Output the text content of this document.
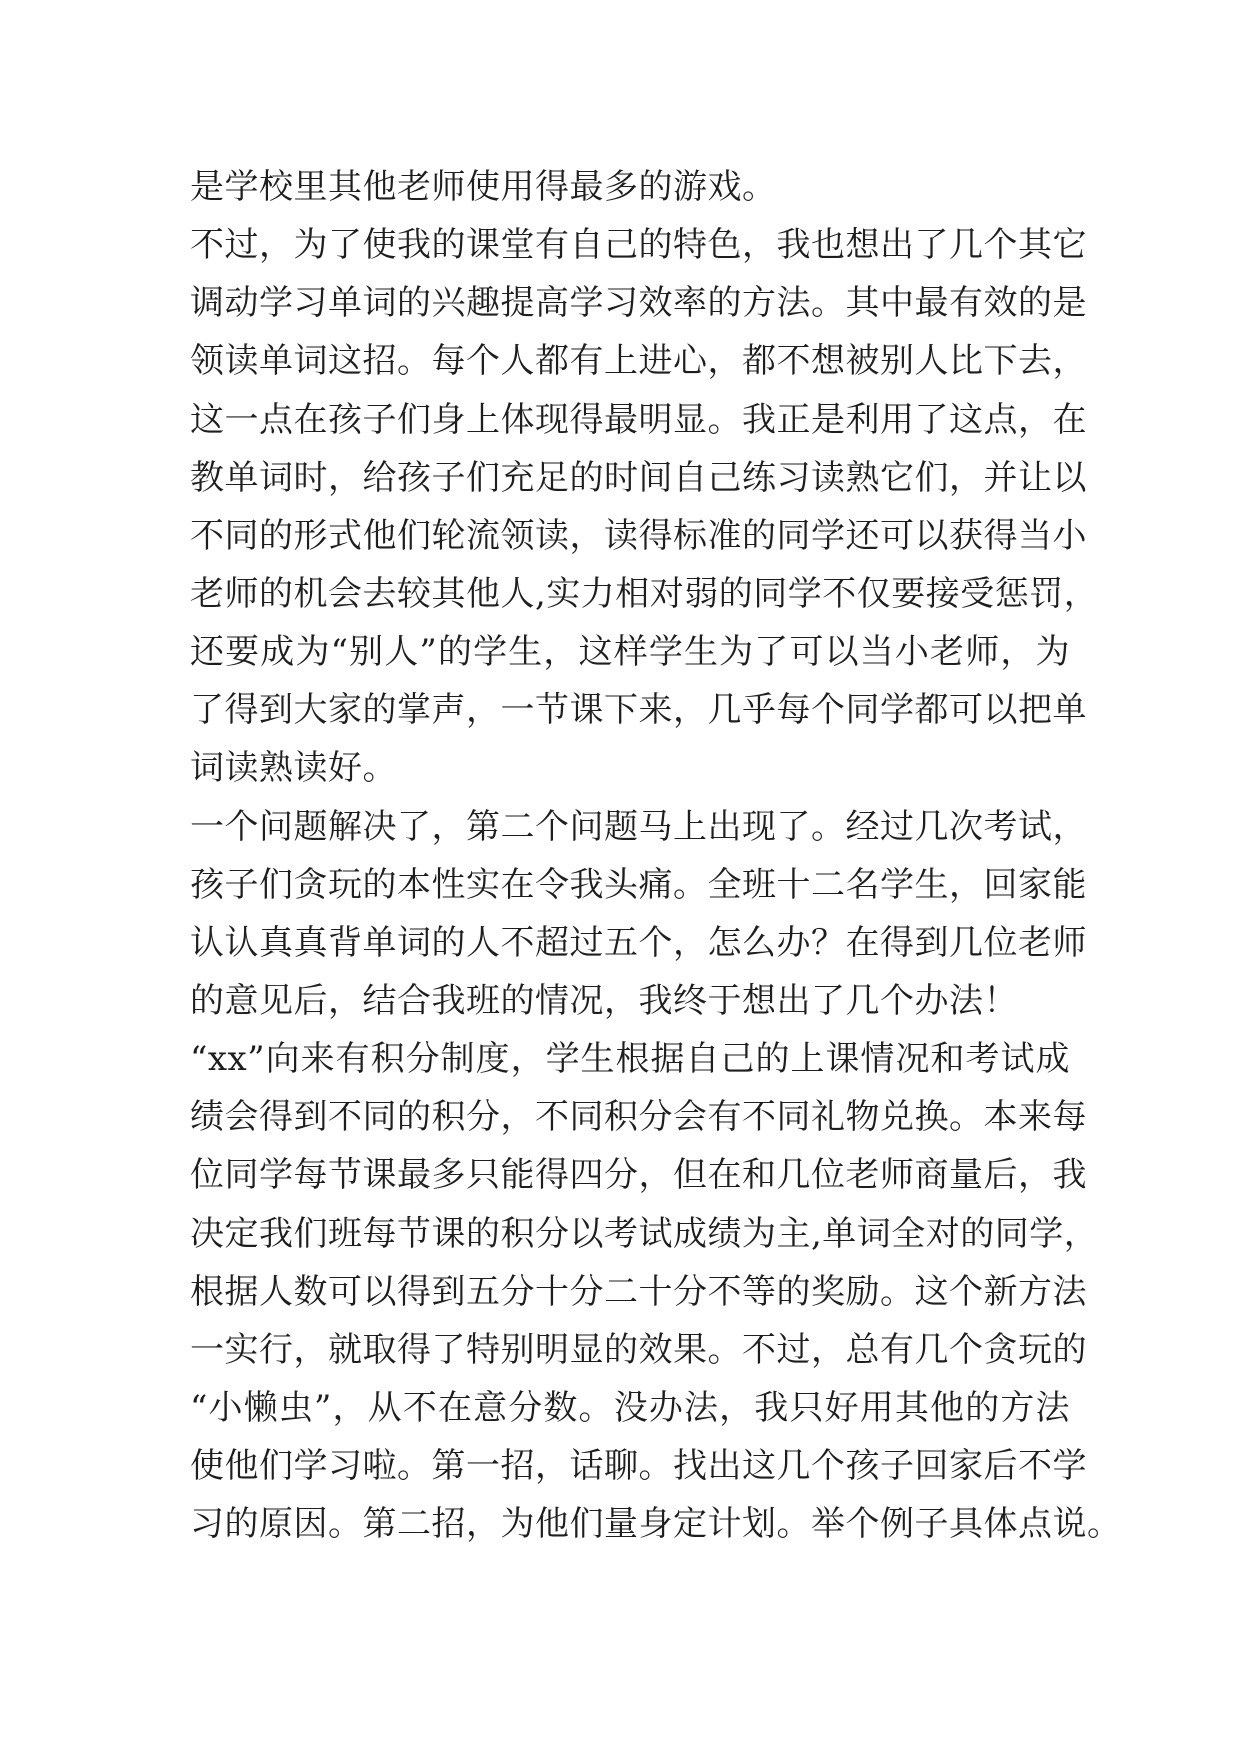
是学校里其他老师使用得最多的游戏。
不过，为了使我的课堂有自己的特色，我也想出了几个其它
调动学习单词的兴趣提高学习效率的方法。其中最有效的是
领读单词这招。每个人都有上进心，都不想被别人比下去，
这一点在孩子们身上体现得最明显。我正是利用了这点，在
教单词时，给孩子们充足的时间自己练习读熟它们，并让以
不同的形式他们轮流领读，读得标准的同学还可以获得当小
老师的机会去较其他人,实力相对弱的同学不仅要接受惩罚，
还要成为“别人”的学生，这样学生为了可以当小老师，为
了得到大家的掌声，一节课下来，几乎每个同学都可以把单
词读熟读好。
一个问题解决了，第二个问题马上出现了。经过几次考试，
孩子们贪玩的本性实在令我头痛。全班十二名学生，回家能
认认真真背单词的人不超过五个，怎么办？在得到几位老师
的意见后，结合我班的情况，我终于想出了几个办法！
“xx”向来有积分制度，学生根据自己的上课情况和考试成
绩会得到不同的积分，不同积分会有不同礼物兑换。本来每
位同学每节课最多只能得四分，但在和几位老师商量后，我
决定我们班每节课的积分以考试成绩为主,单词全对的同学，
根据人数可以得到五分十分二十分不等的奖励。这个新方法
一实行，就取得了特别明显的效果。不过，总有几个贪玩的
“小懒虫”，从不在意分数。没办法，我只好用其他的方法
使他们学习啦。第一招，话聊。找出这几个孩子回家后不学
习的原因。第二招，为他们量身定计划。举个例子具体点说。
